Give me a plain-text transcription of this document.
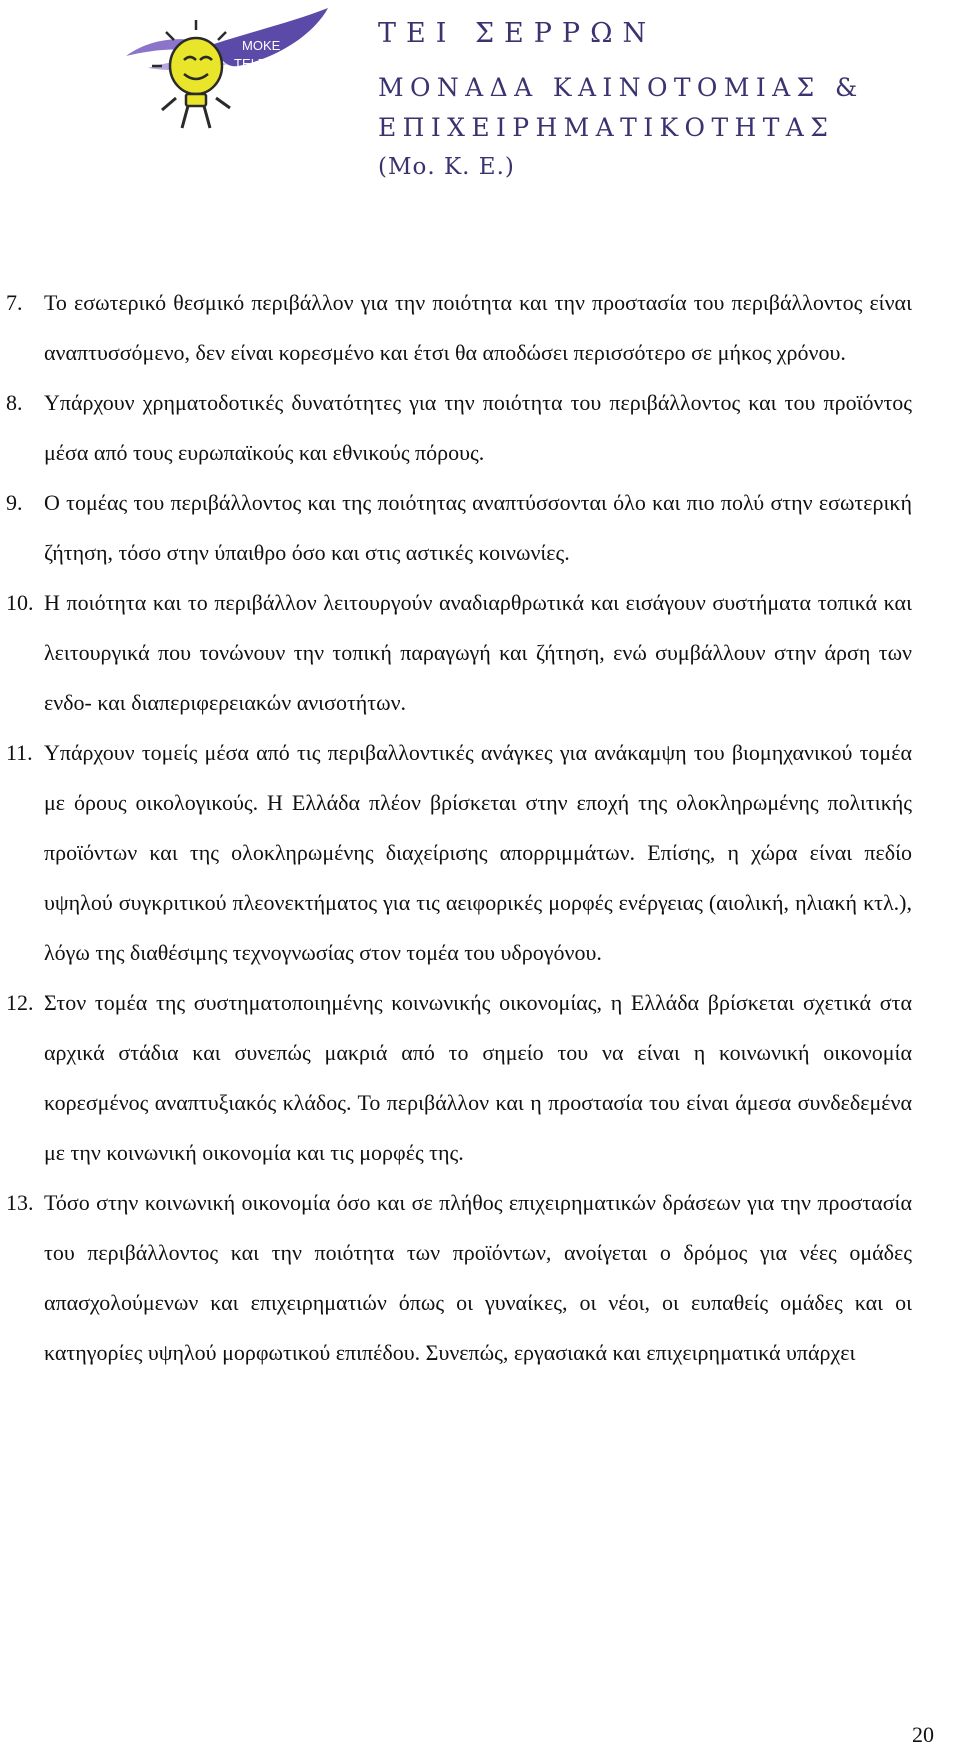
ΜΟΚΕ
ΤΕΙ Σερρών
ΤΕΙ ΣΕΡΡΩΝ
ΜΟΝΑΔΑ ΚΑΙΝΟΤΟΜΙΑΣ &
ΕΠΙΧΕΙΡΗΜΑΤΙΚΟΤΗΤΑΣ
(Μο. Κ. Ε.)
7. Το εσωτερικό θεσμικό περιβάλλον για την ποιότητα και την προστασία του περιβάλλοντος είναι αναπτυσσόμενο, δεν είναι κορεσμένο και έτσι θα αποδώσει περισσότερο σε μήκος χρόνου.
8. Υπάρχουν χρηματοδοτικές δυνατότητες για την ποιότητα του περιβάλλοντος και του προϊόντος μέσα από τους ευρωπαϊκούς και εθνικούς πόρους.
9. Ο τομέας του περιβάλλοντος και της ποιότητας αναπτύσσονται όλο και πιο πολύ στην εσωτερική ζήτηση, τόσο στην ύπαιθρο όσο και στις αστικές κοινωνίες.
10. Η ποιότητα και το περιβάλλον λειτουργούν αναδιαρθρωτικά και εισάγουν συστήματα τοπικά και λειτουργικά που τονώνουν την τοπική παραγωγή και ζήτηση, ενώ συμβάλλουν στην άρση των ενδο- και διαπεριφερειακών ανισοτήτων.
11. Υπάρχουν τομείς μέσα από τις περιβαλλοντικές ανάγκες για ανάκαμψη του βιομηχανικού τομέα με όρους οικολογικούς. Η Ελλάδα πλέον βρίσκεται στην εποχή της ολοκληρωμένης πολιτικής προϊόντων και της ολοκληρωμένης διαχείρισης απορριμμάτων. Επίσης, η χώρα είναι πεδίο υψηλού συγκριτικού πλεονεκτήματος για τις αειφορικές μορφές ενέργειας (αιολική, ηλιακή κτλ.), λόγω της διαθέσιμης τεχνογνωσίας στον τομέα του υδρογόνου.
12. Στον τομέα της συστηματοποιημένης κοινωνικής οικονομίας, η Ελλάδα βρίσκεται σχετικά στα αρχικά στάδια και συνεπώς μακριά από το σημείο του να είναι η κοινωνική οικονομία κορεσμένος αναπτυξιακός κλάδος. Το περιβάλλον και η προστασία του είναι άμεσα συνδεδεμένα με την κοινωνική οικονομία και τις μορφές της.
13. Τόσο στην κοινωνική οικονομία όσο και σε πλήθος επιχειρηματικών δράσεων για την προστασία του περιβάλλοντος και την ποιότητα των προϊόντων, ανοίγεται ο δρόμος για νέες ομάδες απασχολούμενων και επιχειρηματιών όπως οι γυναίκες, οι νέοι, οι ευπαθείς ομάδες και οι κατηγορίες υψηλού μορφωτικού επιπέδου. Συνεπώς, εργασιακά και επιχειρηματικά υπάρχει
20
